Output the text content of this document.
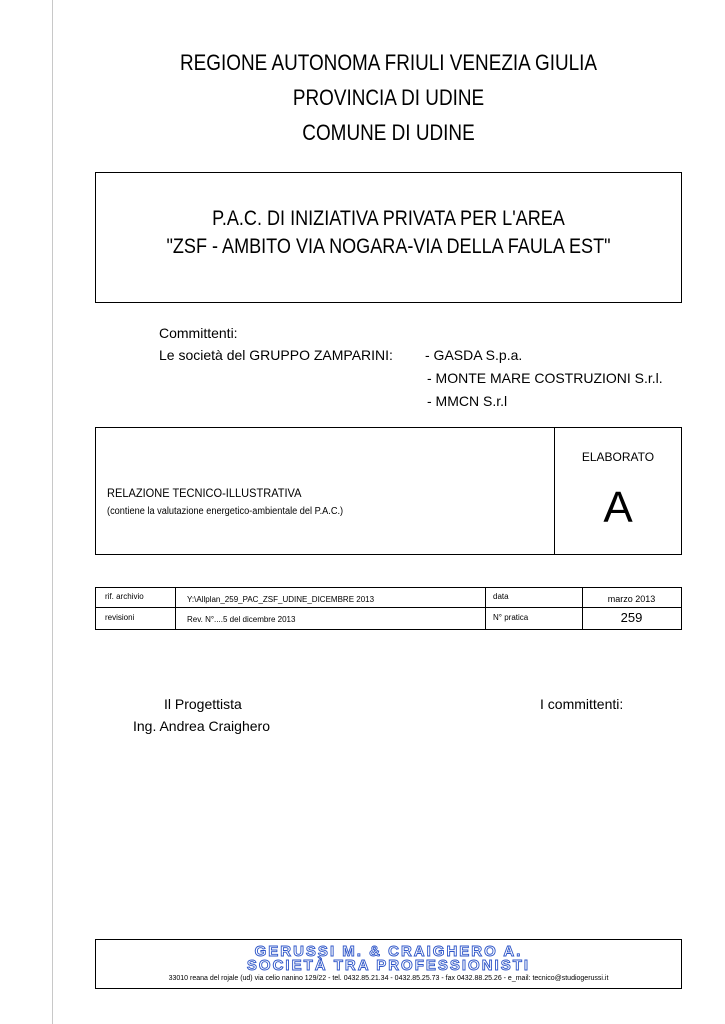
REGIONE AUTONOMA FRIULI VENEZIA GIULIA
PROVINCIA DI UDINE
COMUNE DI UDINE
P.A.C. DI INIZIATIVA PRIVATA PER L'AREA
"ZSF - AMBITO VIA NOGARA-VIA DELLA FAULA EST"
Committenti:
Le società del GRUPPO ZAMPARINI: - GASDA S.p.a.
- MONTE MARE COSTRUZIONI S.r.l.
- MMCN S.r.l
RELAZIONE TECNICO-ILLUSTRATIVA
(contiene la valutazione energetico-ambientale del P.A.C.)
ELABORATO
A
rif. archivio	Y:\Allplan_259_PAC_ZSF_UDINE_DICEMBRE 2013	data	marzo 2013
revisioni	Rev. N°....5 del dicembre 2013	N° pratica	259
Il Progettista
Ing. Andrea Craighero
I committenti:
GERUSSI M. & CRAIGHERO A.
SOCIETÀ TRA PROFESSIONISTI
33010 reana del rojale (ud) via celio nanino 129/22 - tel. 0432.85.21.34 - 0432.85.25.73 - fax 0432.88.25.26 - e_mail: tecnico@studiogerussi.it
